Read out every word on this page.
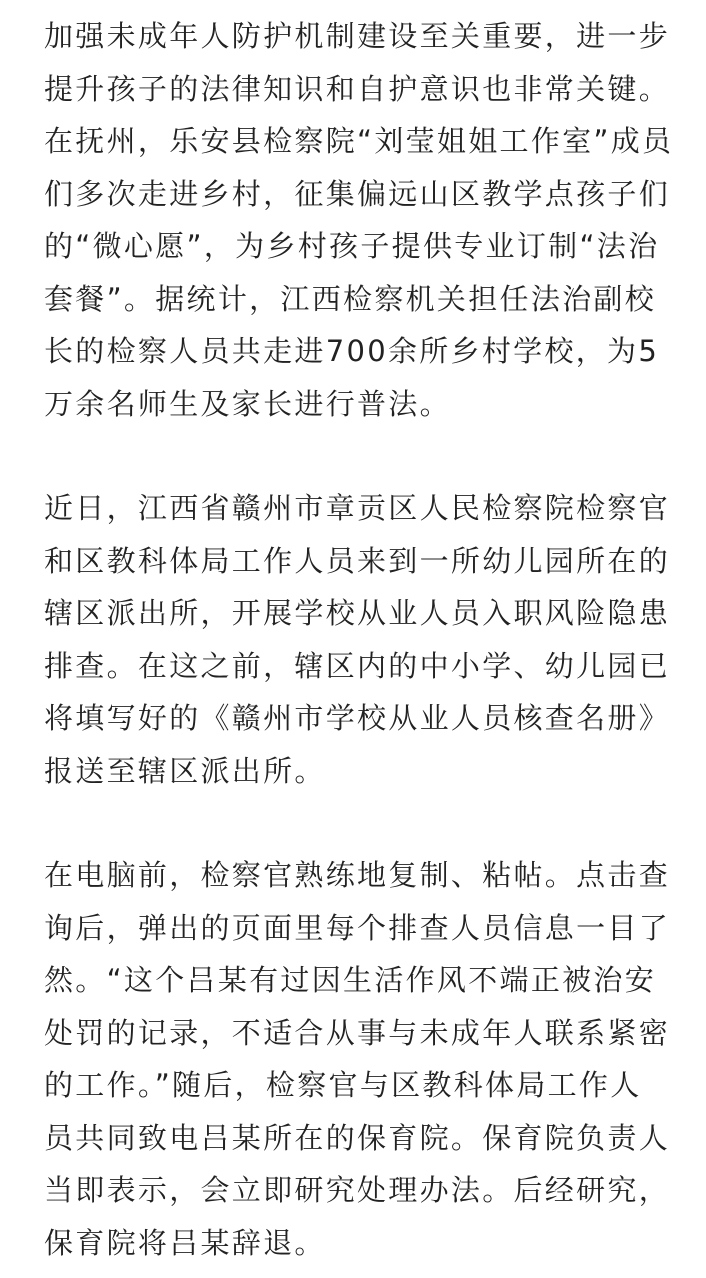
加强未成年人防护机制建设至关重要，进一步
提升孩子的法律知识和自护意识也非常关键。
在抚州，乐安县检察院“刘莹姐姐工作室”成员
们多次走进乡村，征集偏远山区教学点孩子们
的“微心愿”，为乡村孩子提供专业订制“法治
套餐”。据统计，江西检察机关担任法治副校
长的检察人员共走进700余所乡村学校，为5
万余名师生及家长进行普法。

近日，江西省赣州市章贡区人民检察院检察官
和区教科体局工作人员来到一所幼儿园所在的
辖区派出所，开展学校从业人员入职风险隐患
排查。在这之前，辖区内的中小学、幼儿园已
将填写好的《赣州市学校从业人员核查名册》
报送至辖区派出所。

在电脑前，检察官熟练地复制、粘帖。点击查
询后，弹出的页面里每个排查人员信息一目了
然。“这个吕某有过因生活作风不端正被治安
处罚的记录，不适合从事与未成年人联系紧密
的工作。”随后，检察官与区教科体局工作人
员共同致电吕某所在的保育院。保育院负责人
当即表示，会立即研究处理办法。后经研究，
保育院将吕某辞退。
